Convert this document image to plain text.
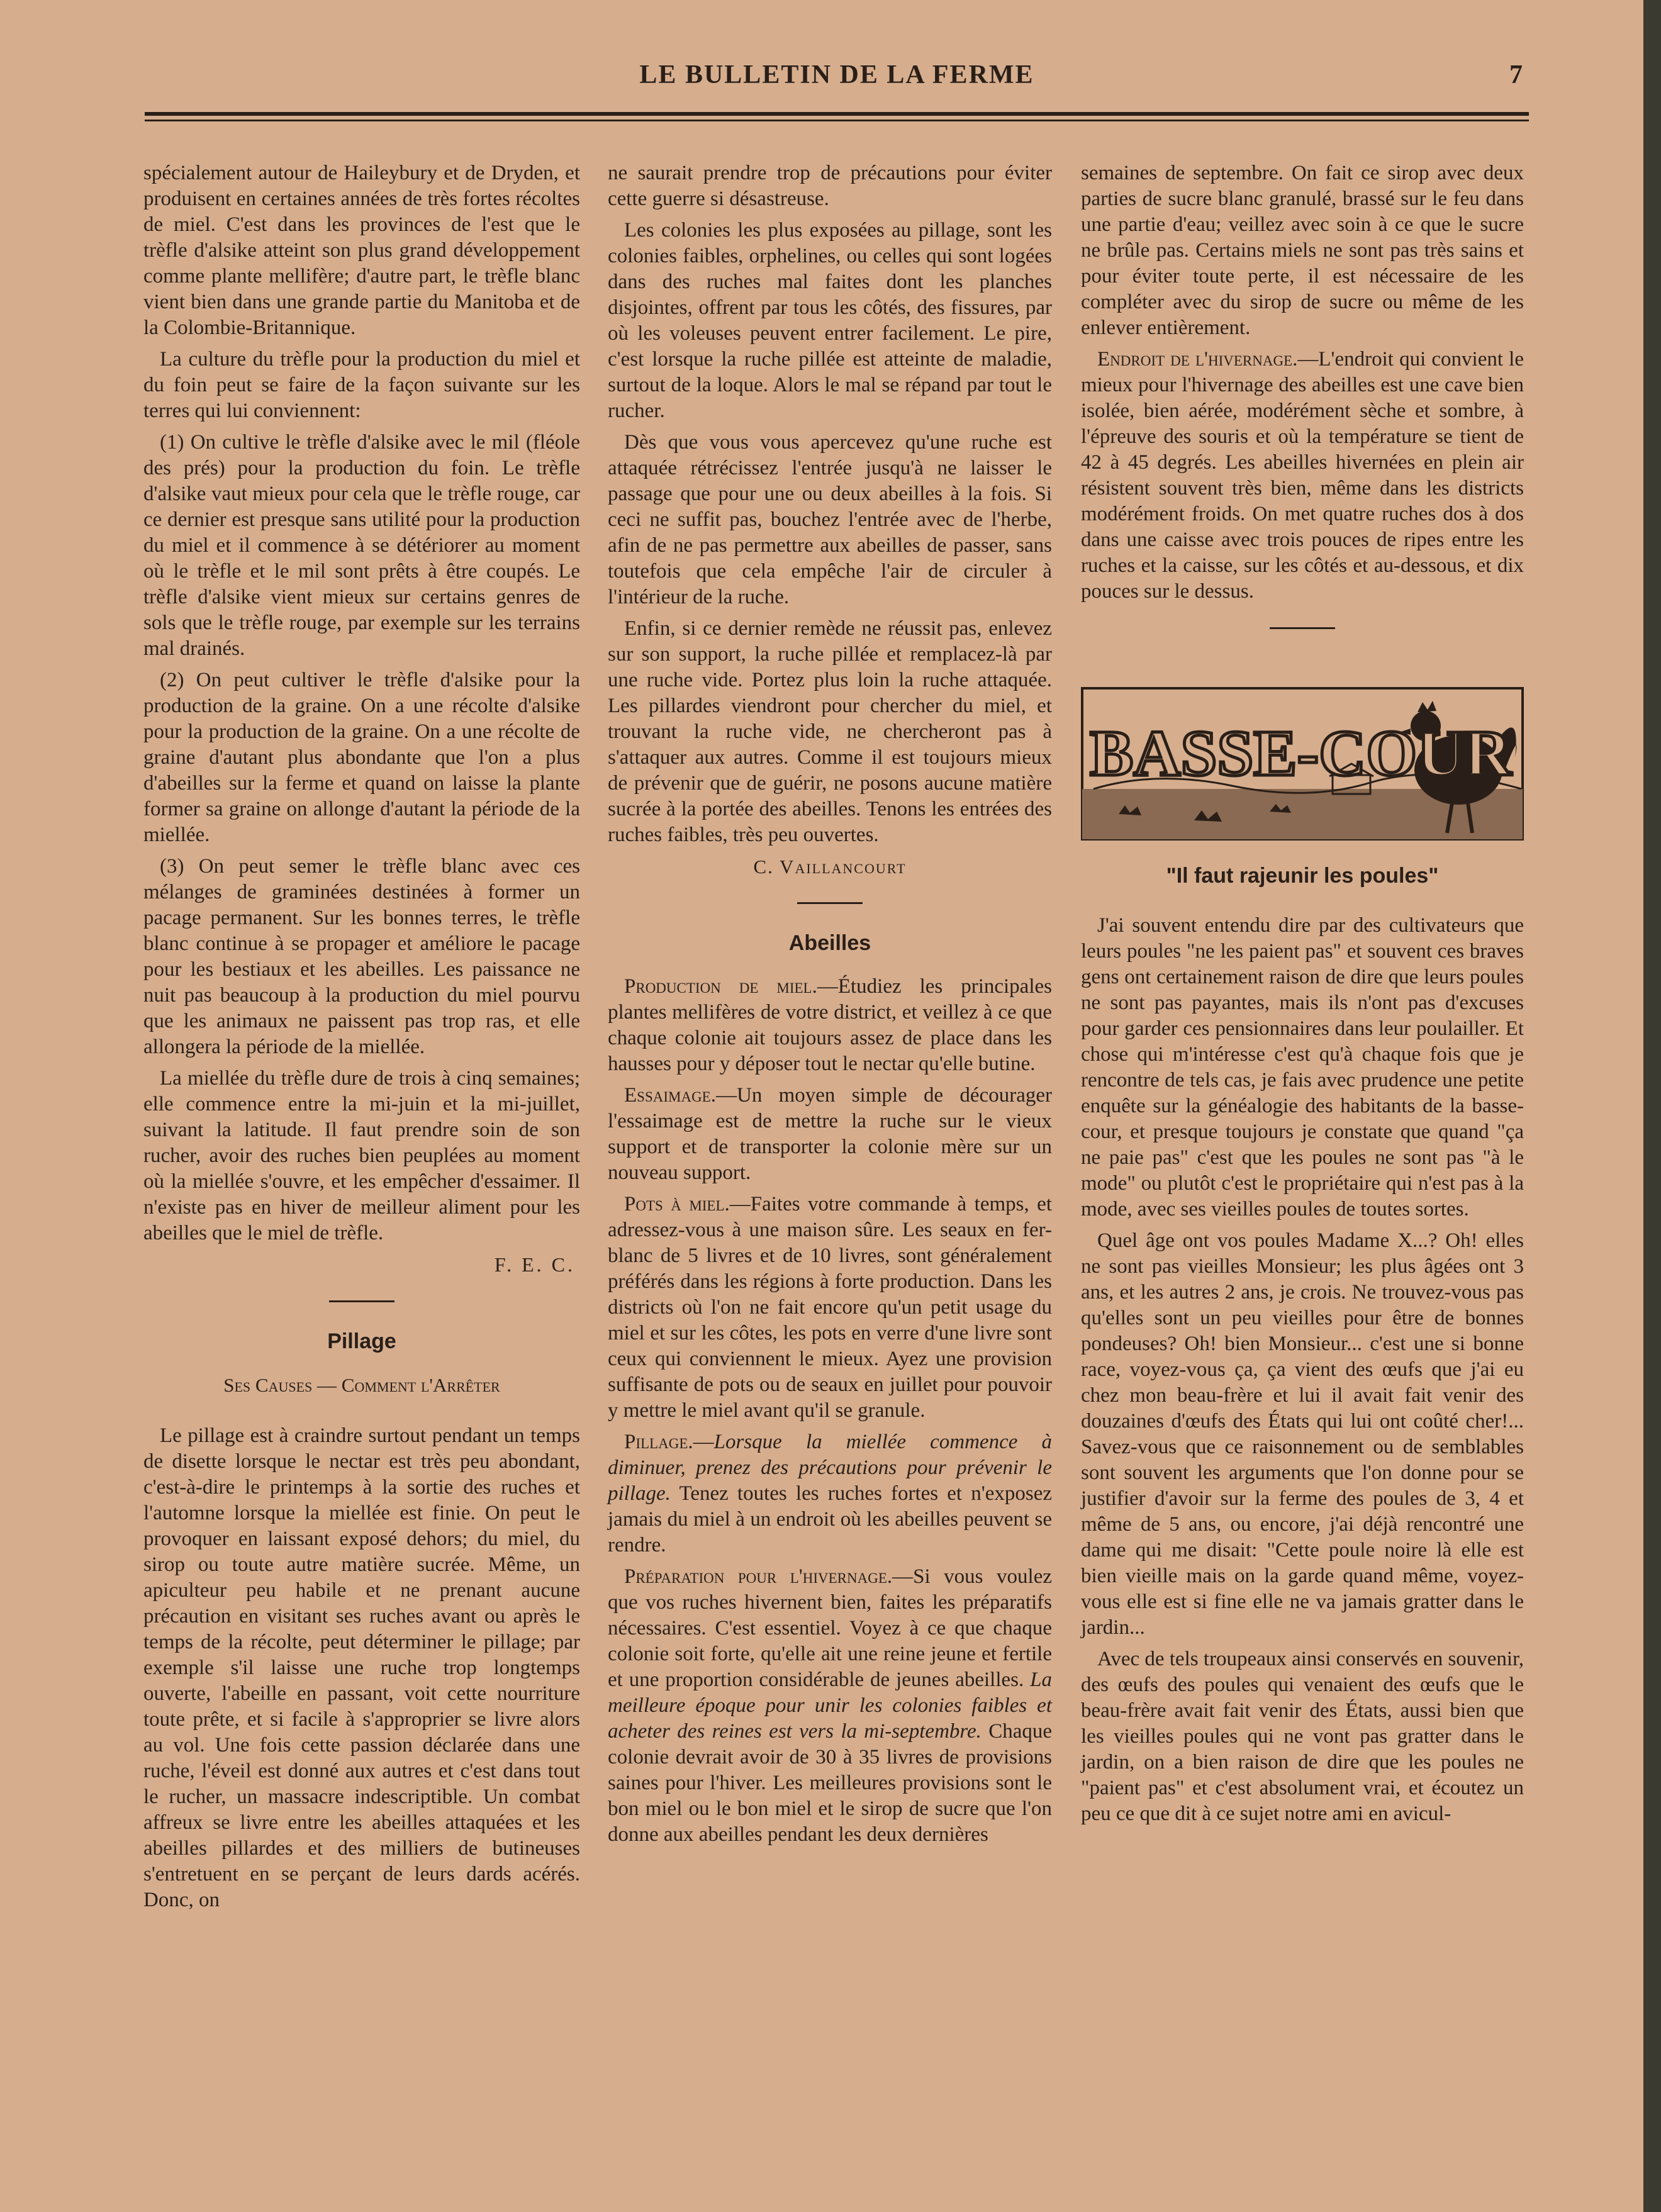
LE BULLETIN DE LA FERME	7

spécialement autour de Haileybury et de Dryden, et produisent en certaines années de très fortes récoltes de miel. C'est dans les provinces de l'est que le trèfle d'alsike atteint son plus grand développement comme plante mellifère; d'autre part, le trèfle blanc vient bien dans une grande partie du Manitoba et de la Colombie-Britannique.

La culture du trèfle pour la production du miel et du foin peut se faire de la façon suivante sur les terres qui lui conviennent:

(1) On cultive le trèfle d'alsike avec le mil (fléole des prés) pour la production du foin. Le trèfle d'alsike vaut mieux pour cela que le trèfle rouge, car ce dernier est presque sans utilité pour la production du miel et il commence à se détériorer au moment où le trèfle et le mil sont prêts à être coupés. Le trèfle d'alsike vient mieux sur certains genres de sols que le trèfle rouge, par exemple sur les terrains mal drainés.

(2) On peut cultiver le trèfle d'alsike pour la production de la graine. On a une récolte d'alsike pour la production de la graine. On a une récolte de graine d'autant plus abondante que l'on a plus d'abeilles sur la ferme et quand on laisse la plante former sa graine on allonge d'autant la période de la miellée.

(3) On peut semer le trèfle blanc avec ces mélanges de graminées destinées à former un pacage permanent. Sur les bonnes terres, le trèfle blanc continue à se propager et améliore le pacage pour les bestiaux et les abeilles. Les paissance ne nuit pas beaucoup à la production du miel pourvu que les animaux ne paissent pas trop ras, et elle allongera la période de la miellée.

La miellée du trèfle dure de trois à cinq semaines; elle commence entre la mi-juin et la mi-juillet, suivant la latitude. Il faut prendre soin de son rucher, avoir des ruches bien peuplées au moment où la miellée s'ouvre, et les empêcher d'essaimer. Il n'existe pas en hiver de meilleur aliment pour les abeilles que le miel de trèfle.

F. E. C.
Pillage
Ses Causes — Comment l'Arrêter

Le pillage est à craindre surtout pendant un temps de disette lorsque le nectar est très peu abondant, c'est-à-dire le printemps à la sortie des ruches et l'automne lorsque la miellée est finie. On peut le provoquer en laissant exposé dehors; du miel, du sirop ou toute autre matière sucrée. Même, un apiculteur peu habile et ne prenant aucune précaution en visitant ses ruches avant ou après le temps de la récolte, peut déterminer le pillage; par exemple s'il laisse une ruche trop longtemps ouverte, l'abeille en passant, voit cette nourriture toute prête, et si facile à s'approprier se livre alors au vol. Une fois cette passion déclarée dans une ruche, l'éveil est donné aux autres et c'est dans tout le rucher, un massacre indescriptible. Un combat affreux se livre entre les abeilles attaquées et les abeilles pillardes et des milliers de butineuses s'entretuent en se perçant de leurs dards acérés. Donc, on

ne saurait prendre trop de précautions pour éviter cette guerre si désastreuse.

Les colonies les plus exposées au pillage, sont les colonies faibles, orphelines, ou celles qui sont logées dans des ruches mal faites dont les planches disjointes, offrent par tous les côtés, des fissures, par où les voleuses peuvent entrer facilement. Le pire, c'est lorsque la ruche pillée est atteinte de maladie, surtout de la loque. Alors le mal se répand par tout le rucher.

Dès que vous vous apercevez qu'une ruche est attaquée rétrécissez l'entrée jusqu'à ne laisser le passage que pour une ou deux abeilles à la fois. Si ceci ne suffit pas, bouchez l'entrée avec de l'herbe, afin de ne pas permettre aux abeilles de passer, sans toutefois que cela empêche l'air de circuler à l'intérieur de la ruche.

Enfin, si ce dernier remède ne réussit pas, enlevez sur son support, la ruche pillée et remplacez-là par une ruche vide. Portez plus loin la ruche attaquée. Les pillardes viendront pour chercher du miel, et trouvant la ruche vide, ne chercheront pas à s'attaquer aux autres. Comme il est toujours mieux de prévenir que de guérir, ne posons aucune matière sucrée à la portée des abeilles. Tenons les entrées des ruches faibles, très peu ouvertes.

C. Vaillancourt
Abeilles

Production de miel.—Étudiez les principales plantes mellifères de votre district, et veillez à ce que chaque colonie ait toujours assez de place dans les hausses pour y déposer tout le nectar qu'elle butine.

Essaimage.—Un moyen simple de décourager l'essaimage est de mettre la ruche sur le vieux support et de transporter la colonie mère sur un nouveau support.

Pots à miel.—Faites votre commande à temps, et adressez-vous à une maison sûre. Les seaux en fer-blanc de 5 livres et de 10 livres, sont généralement préférés dans les régions à forte production. Dans les districts où l'on ne fait encore qu'un petit usage du miel et sur les côtes, les pots en verre d'une livre sont ceux qui conviennent le mieux. Ayez une provision suffisante de pots ou de seaux en juillet pour pouvoir y mettre le miel avant qu'il se granule.

Pillage.—Lorsque la miellée commence à diminuer, prenez des précautions pour prévenir le pillage. Tenez toutes les ruches fortes et n'exposez jamais du miel à un endroit où les abeilles peuvent se rendre.

Préparation pour l'hivernage.—Si vous voulez que vos ruches hivernent bien, faites les préparatifs nécessaires. C'est essentiel. Voyez à ce que chaque colonie soit forte, qu'elle ait une reine jeune et fertile et une proportion considérable de jeunes abeilles. La meilleure époque pour unir les colonies faibles et acheter des reines est vers la mi-septembre. Chaque colonie devrait avoir de 30 à 35 livres de provisions saines pour l'hiver. Les meilleures provisions sont le bon miel ou le bon miel et le sirop de sucre que l'on donne aux abeilles pendant les deux dernières

semaines de septembre. On fait ce sirop avec deux parties de sucre blanc granulé, brassé sur le feu dans une partie d'eau; veillez avec soin à ce que le sucre ne brûle pas. Certains miels ne sont pas très sains et pour éviter toute perte, il est nécessaire de les compléter avec du sirop de sucre ou même de les enlever entièrement.

Endroit de l'hivernage.—L'endroit qui convient le mieux pour l'hivernage des abeilles est une cave bien isolée, bien aérée, modérément sèche et sombre, à l'épreuve des souris et où la température se tient de 42 à 45 degrés. Les abeilles hivernées en plein air résistent souvent très bien, même dans les districts modérément froids. On met quatre ruches dos à dos dans une caisse avec trois pouces de ripes entre les ruches et la caisse, sur les côtés et au-dessous, et dix pouces sur le dessus.

BASSE-COUR
"Il faut rajeunir les poules"

J'ai souvent entendu dire par des cultivateurs que leurs poules "ne les paient pas" et souvent ces braves gens ont certainement raison de dire que leurs poules ne sont pas payantes, mais ils n'ont pas d'excuses pour garder ces pensionnaires dans leur poulailler. Et chose qui m'intéresse c'est qu'à chaque fois que je rencontre de tels cas, je fais avec prudence une petite enquête sur la généalogie des habitants de la basse-cour, et presque toujours je constate que quand "ça ne paie pas" c'est que les poules ne sont pas "à le mode" ou plutôt c'est le propriétaire qui n'est pas à la mode, avec ses vieilles poules de toutes sortes.

Quel âge ont vos poules Madame X...? Oh! elles ne sont pas vieilles Monsieur; les plus âgées ont 3 ans, et les autres 2 ans, je crois. Ne trouvez-vous pas qu'elles sont un peu vieilles pour être de bonnes pondeuses? Oh! bien Monsieur... c'est une si bonne race, voyez-vous ça, ça vient des œufs que j'ai eu chez mon beau-frère et lui il avait fait venir des douzaines d'œufs des États qui lui ont coûté cher!... Savez-vous que ce raisonnement ou de semblables sont souvent les arguments que l'on donne pour se justifier d'avoir sur la ferme des poules de 3, 4 et même de 5 ans, ou encore, j'ai déjà rencontré une dame qui me disait: "Cette poule noire là elle est bien vieille mais on la garde quand même, voyez-vous elle est si fine elle ne va jamais gratter dans le jardin...

Avec de tels troupeaux ainsi conservés en souvenir, des œufs des poules qui venaient des œufs que le beau-frère avait fait venir des États, aussi bien que les vieilles poules qui ne vont pas gratter dans le jardin, on a bien raison de dire que les poules ne "paient pas" et c'est absolument vrai, et écoutez un peu ce que dit à ce sujet notre ami en avicul-
